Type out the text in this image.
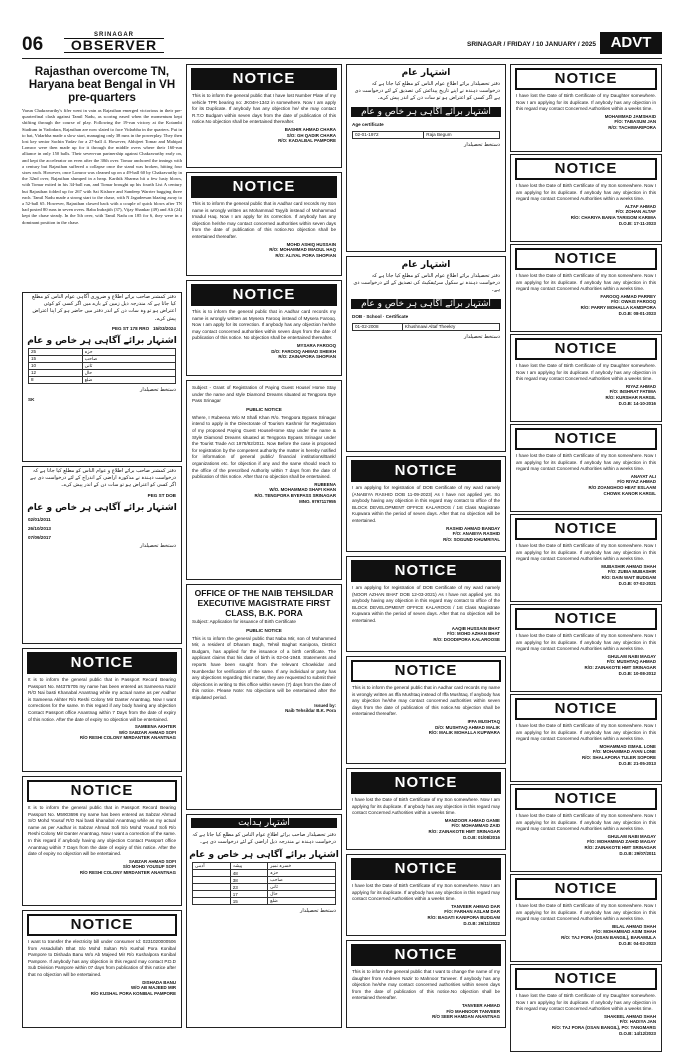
06	SRINAGAR
OBSERVER	SRINAGAR / FRIDAY / 10 JANUARY / 2025 ADVT
Rajasthan overcome TN, Haryana beat Bengal in VH pre-quarters
Varun Chakravarthy's fifer went in vain as Rajasthan emerged victorious in their pre-quarterfinal clash against Tamil Nadu, as scoring eased when the momentum kept shifting through the course of play. Following the 19-run victory at the Kotambi Stadium in Vadodara, Rajasthan are now slated to face Vidarbha in the quarters. Put in to bat, Vidarbha made a slow start, managing only 38 runs in the powerplay. They then lost key senior Sachin Yadav for a 27-ball 4. However, Abhijeet Tomar and Mahipal Lomror were then made up for it through the middle overs where their 160-run alliance in only 150 balls. Their seven-run partnership against Chakravarthy early on, and kept the accelerator on even after the 30th over. Tomar anchored the innings with a century but Rajasthan suffered a collapse once the stand was broken, hitting four sixes each. However, once Lomror was cleaned up on a 49-ball 60 by Chakravarthy in the 32nd over, Rajasthan slumped in a heap. Karthik Sharma hit a few lusty blows, with Tomar exited in his 34-ball run, and Tomar brought up his fourth List A century but Rajasthan folded up for 267 with Sai Kishore and Sandeep Warrier bagging three each. Tamil Nadu made a strong start to the chase, with N Jagadeesan blazing away to a 52-ball 65. However, Rajasthan clawed back with a couple of quick blows after TN had posted 80 runs in seven overs. Baba Indrajith (37), Vijay Shankar (49) and Ali (24) kept the chase steady. In the 5th over, with Tamil Nadu on 185 for 6, they were in a dominant position in the chase.
دفتر کمشنر صاحب برائے اطلاع و ضروری آگاہی عوام الناس کو مطلع کیا جاتا ہے کہ مندرجہ ذیل زمین کے بارے میں اگر کسی کو کوئی اعتراض ہو تو وہ سات دن کے اندر دفتر میں حاضر ہو کر اپنا اعتراض پیش کرے۔
PEG ST 178 RRO 15/03/2024
اشتہار برائے آگاہی ہر خاص و عام
25	حزہ
15	صاحب
10	ثانی
12	حال
8	ضلع
دستخط تحصیلدار
SK
دفتر کمشنر صاحب برائے اطلاع و عوام الناس کو مطلع کیا جاتا ہے کہ درخواست دہندہ نے مذکورہ اراضی کے اندراج کے لئے درخواست دی ہے اگر کسی کو اعتراض ہو تو سات دن کے اندر پیش کرے۔
PEG ST DOB
اشتہار برائے آگاہی ہر خاص و عام
02/01/2011
26/10/2013
07/09/2017
دستخط تحصیلدار
NOTICE
It is to inform the general public that in Passport Record Bearing Passport No. M4375705 my name has been entered as Sameena Nazir R/O Nai basti Khanabal Anantnag while my actual name as per Aadhar is Sameena Akhter R/o Reshi Colony Mir Danter Anantnag. Now I want corrections for the same. In this regard if any body having any objection Contact Passport office Anantnag within 7 Days from the date of expiry of this notice. After the date of expiry no objection will be entertained.
SAMEENA AKHTER
W/O SABZAR AHMAD SOFI
R/O RESHI COLONY MIRDANTER ANANTNAG
NOTICE
It is to inform the general public that in Passport Record Bearing Passport No. M5903696 my name has been entered as Sabzar Ahmad S/O Mohd Yousuf R/O Nai basti khanabal Anantnag while as my actual name as per Aadhar is Sabzar Ahmad Sofi S/o Mohd Yousuf Sofi R/o Reshi Colony Mir Danter Anantnag. Now I want a correction of the same. In this regard if anybody having any objection Contact Passport office Anantnag within 7 Days from the date of expiry of this notice. After the date of expiry no objection will be entertained.
SABZAR AHMAD SOFI
S/O MOHD YOUSUF SOFI
R/O RESHI COLONY MIRDANTER ANANTNAG
NOTICE
I want to transfer the electricity bill under consumer Id: 0231020000506 from Assadullah Bhat S/o Mohd Sultan R/o Kushal Pora Konibal Pampore to Dishada Banu W/o Ab Majeed Mir R/o Kushalpora Konibal Pampore. If anybody has any objection in this regard may contact P.D.D Sub Division Pampore within 07 days from publication of this notice after that no objection will be entertained.
DISHADA BANU
W/O AB MAJEED MIR
R/O KUSHAL PORA KONIBAL PAMPORE
NOTICE
This is to inform the general public that I have lost Number Plate of my vehicle TPR bearing no: JK04H-1342 in somewhere. Now I am apply for its Duplicate. If anybody has any objection he/ she may contact R.T.O Budgam within seven days from the date of publication of this notice.No objection shall be entertained thereafter.
BASHIR AHMAD CHARA
S/O: GH QADIR CHARA
R/O: KADALBAL PAMPORE
NOTICE
This is to inform the general public that in Aadhar card records my Son name is wrongly written as Mohammad Tayyib instead of Mohammad Imadul Haq. Now I am apply for its correction. If anybody has any objection he/she may contact concerned authorities within seven days from the date of publication of this notice.No objection shall be entertained thereafter.
MOHD ASHIQ HUSSAIN
R/O: MOHAMMAD IMADUL HAQ
R/O: ALIYAL PORA SHOPIAN
NOTICE
This is to inform the general public that in Aadhar card records my name is wrongly written as Mysera Farooq instead of Mysera Farooq. Now I am apply for its correction. If anybody has any objection he/she may contact concerned authorities within seven days from the date of publication of this notice. No objection shall be entertained thereafter.
MYSARA FAROOQ
D/O: FAROOQ AHMAD SHEIKH
R/O: ZAINAPORA SHOPIAN
Subject - Grant of Registration of Paying Guest House/ Home Stay under the name and style Diamond Dreams situated at Tengpora Bye Pass Srinagar
PUBLIC NOTICE
Where, I Rubeena W/o M Shafi Khan R/o. Tengpora Bypass Srinagar intend to apply in the Directorate of Tourism Kashmir for Registration of my proposed Paying Guest House/Home stay under the name & Style Diamond Dreams situated at Tengpora Bypass Srinagar under the Tourist Trade Act 1978/82/2011. Now Before the case is proposed for registration by the competent authority the matter is hereby notified for information of general public/ financial institutions/Bank/ organizations etc. for objection if any and the same should reach to the office of the prescribed Authority within 7 days from the date of publication of this notice. After that no objection shall be entertained.
RUBEENA
W/O. MOHAMMAD SHAFI KHAN
R/O. TENGPORA BYEPASS SRINAGAR
MNO. 9797117955
OFFICE OF THE NAIB TEHSILDAR EXECUTIVE MAGISTRATE FIRST CLASS, B.K. PORA
Subject: Application for issuance of Birth Certificate
PUBLIC NOTICE
This is to inform the general public that Naba Mir, son of Mohammed Mir, a resident of Dharam Bagh, Tehsil Baghat Kanipora, District Budgam, has applied for the issuance of a birth certificate. The applicant claims that his date of birth is 02-04-1948. Statements and reports have been sought from the relevant Chowkidar and Numberdar for verification of the same. If any individual or party has any objections regarding this matter, they are requested to submit their objections in writing to this office within seven (7) days from the date of this notice. Please Note: No objections will be entertained after the stipulated period.
Issued by:
Naib Tehsildar B.K. Pora
اشتہار ہدایت
دفتر تحصیلدار صاحب برائے اطلاع عوام الناس کو مطلع کیا جاتا ہے کہ درخواست دہندہ نے مندرجہ ذیل اراضی کے لئے درخواست دی ہے۔
اشتہار برائے آگاہی ہر خاص و عام
آدمی	پیشہ	خسرہ نمبر
	48	حزہ
	38	صاحب
	23	ثانی
	17	حال
	15	ضلع
دستخط تحصیلدار
اشتہار عام
دفتر تحصیلدار برائے اطلاع عوام الناس کو مطلع کیا جاتا ہے کہ درخواست دہندہ نے اپنے تاریخ پیدائش کی تصدیق کے لئے درخواست دی ہے اگر کسی کو اعتراض ہو تو سات دن کے اندر پیش کرے۔
اشتہار برائے آگاہی ہر خاص و عام
Age certificate
02-01-1972	Raja Begum
دستخط تحصیلدار
اشتہار عام
دفتر تحصیلدار برائے اطلاع عوام الناس کو مطلع کیا جاتا ہے کہ درخواست دہندہ نے سکول سرٹیفکیٹ کی تصدیق کے لئے درخواست دی ہے۔
اشتہار برائے آگاہی ہر خاص و عام
DOB · School · Certificate
01-02-2008	Khushnawi Altaf Theekry
دستخط تحصیلدار
NOTICE
I am applying for registration of DOB Certificate of my ward namely (ANABIYA RASHID DOB 11-09-2023) As I have not applied yet. So anybody having any objection in this regard may contact to office of the BLOCK DEVELOPMENT OFFICE KALAROOS / 1st Class Magistrate Kupwara within the period of seven days. After that no objection will be entertained.
RASHID AHMAD BANDAY
F/O: ANABIYA RASHID
R/O: SOGUND KHUMRIYAL
NOTICE
I am applying for registration of DOB Certificate of my ward namely (NOOR AZHAN BHAT DOB 12-03-2021) As I have not applied yet. So anybody having any objection in this regard may contact to office of the BLOCK DEVELOPMENT OFFICE KALAROOS / 1st Class Magistrate Kupwara within the period of seven days. After that no objection will be entertained.
AAQIB HUSSAIN BHAT
F/O: MOHD AZHAN BHAT
R/O: DOODIPORA KALAROOSE
NOTICE
This is to inform the general public that in Aadhar card records my name is wrongly written as Iffa Mushtaq instead of Iffa Mushtaq. If anybody has any objection he/she may contact concerned authorities within seven days from the date of publication of this notice.No objection shall be entertained thereafter.
IFFA MUSHTAQ
D/O: MUSHTAQ AHMAD MALIK
R/O: MALIK MOHALLA KUPWARA
NOTICE
I have lost the Date of Birth Certificate of my Son somewhere. Now I am applying for its duplicate. If anybody has any objection in this regard may contact Concerned Authorities within a weeks time.
MANZOOR AHMAD GANIE
F/O: MOHAMMAD ZAID
R/O: ZAINAKOTE HMT SRINAGAR
D.O.B: 01/08/2016
NOTICE
I have lost the Date of Birth Certificate of my Son somewhere. Now I am applying for its duplicate. If anybody has any objection in this regard may contact Concerned Authorities within a weeks time.
TANVEER AHMAD DAR
F/O: FARHAN ASLAM DAR
R/O: BAGATI KANIPORA BUDGAM
D.O.B: 29/11/2022
NOTICE
This is to inform the general public that I want to change the name of my daughter from Andreen Nazir to Mahnoor Tanveer. If anybody has any objection he/she may contact concerned authorities within seven days from the date of publication of this notice.No objection shall be entertained thereafter.
TANVEER AHMAD
F/O MAHNOOR TANVEER
R/O SEER HAMDAN ANANTNAG
NOTICE
I have lost the Date of Birth Certificate of my Daughter somewhere. Now I am applying for its duplicate. If anybody has any objection in this regard may contact Concerned Authorities within a weeks time.
MOHAMMAD JAMSHAID
F/O: TABASUM JAN
R/O: TACHIWARIPORA
NOTICE
I have lost the Date of Birth Certificate of my Son somewhere. Now I am applying for its duplicate. If anybody has any objection in this regard may contact Concerned Authorities within a weeks time.
ALTAF AHMAD
F/O: ZOHAN ALTAF
R/O: CHARIYA BANIA TARIGOM KARIMA
D.O.B: 17-11-2023
NOTICE
I have lost the Date of Birth Certificate of my Son somewhere. Now I am applying for its duplicate. If anybody has any objection in this regard may contact Concerned Authorities within a weeks time.
FAROOQ AHMAD PARREY
F/O: OWAIS FAROOQ
R/O: PARRY MOHALLA KAMDPORA
D.O.B: 08-01-2023
NOTICE
I have lost the Date of Birth Certificate of my Daughter somewhere. Now I am applying for its duplicate. If anybody has any objection in this regard may contact Concerned Authorities within a weeks time.
RIYAZ AHMAD
F/O: INSHRAT FATIMA
R/O: KURSHAR RARGIL
D.O.B: 14-10-2016
NOTICE
I have lost the Date of Birth Certificate of my Son somewhere. Now I am applying for its duplicate. If anybody has any objection in this regard may contact Concerned Authorities within a weeks time.
ANAYAT ALI
F/O RIYAZ AHMAD
R/O ZOANGHOO HEAT ESLAAM
CHOWK KANOR KARGIL
NOTICE
I have lost the Date of Birth Certificate of my Son somewhere. Now I am applying for its duplicate. If anybody has any objection in this regard may contact Concerned Authorities within a weeks time.
MUBASHIR AHMAD SHAH
F/O: ZUBIA MUBASHIR
R/O: DAIN WAIT BUDGAM
D.O.B: 07-02-2021
NOTICE
I have lost the Date of Birth Certificate of my Son somewhere. Now I am applying for its duplicate. If anybody has any objection in this regard may contact Concerned Authorities within a weeks time.
GHULAM NABI MAGAY
F/O: MUSHTAQ AHMAD
R/O: ZAINAKOTE HMT SRINAGAR
D.O.B: 10-08-2012
NOTICE
I have lost the Date of Birth Certificate of my Son somewhere. Now I am applying for its duplicate. If anybody has any objection in this regard may contact Concerned Authorities within a weeks time.
MOHAMMAD ISMAIL LONE
F/O: MOHAMMAD AYAN LONE
R/O: SHALAPORA TULER SOPORE
D.O.B: 21-05-2013
NOTICE
I have lost the Date of Birth Certificate of my Son somewhere. Now I am applying for its duplicate. If anybody has any objection in this regard may contact Concerned Authorities within a weeks time.
GHULAM NABI MAGAY
F/O: MOHAMMAD ZAHID MAGAY
R/O: ZAINAKOTE HMT SRINAGAR
D.O.B: 29/07/2011
NOTICE
I have lost the Date of Birth Certificate of my Son somewhere. Now I am applying for its duplicate. If anybody has any objection in this regard may contact Concerned Authorities within a weeks time.
BILAL AHMAD SHAH
F/O: MOHAMMAD ASIM SHAH
R/O: TAJ PORA (OSAN BANGIL), BARAMULA
D.O.B: 04-02-2023
NOTICE
I have lost the Date of Birth Certificate of my Daughter somewhere. Now I am applying for its duplicate. If anybody has any objection in this regard may contact Concerned Authorities within a weeks time.
SHAKEEL AHMAD SHAH
F/O: HADIYA JAN
R/O: TAJ PORA (OSAN BANGIL), PO: TANGMARG
D.O.B: 14/12/2023
